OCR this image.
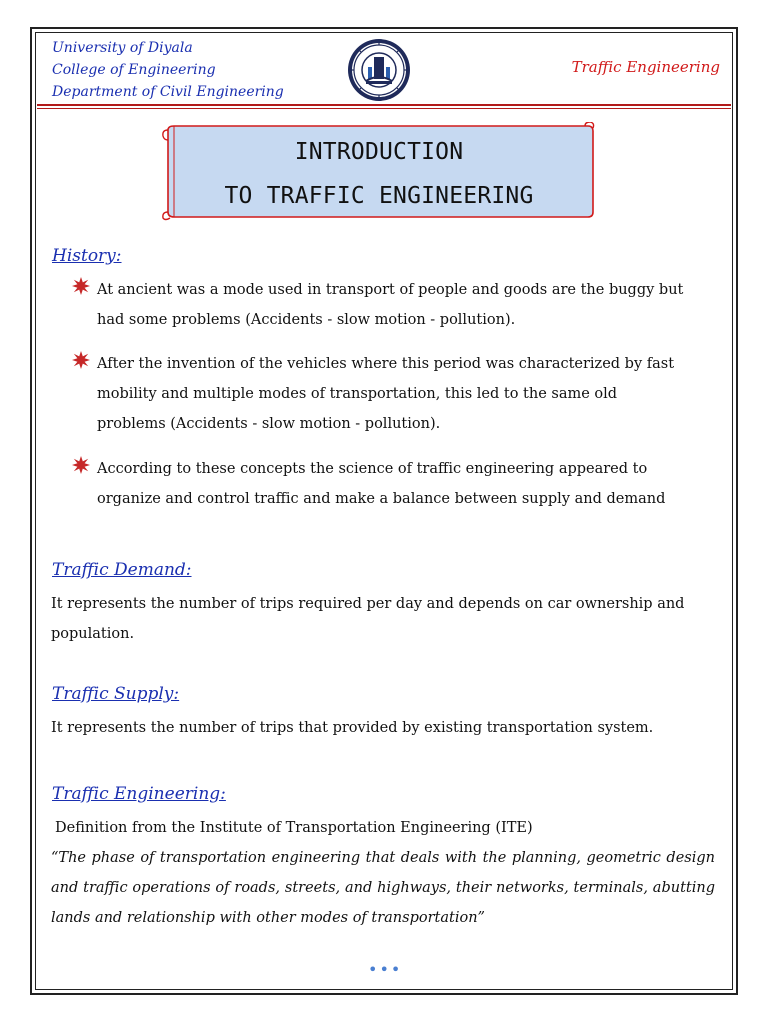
University of Diyala
College of Engineering
Department of Civil Engineering
Traffic Engineering
INTRODUCTION
TO TRAFFIC ENGINEERING
History:
At ancient was a mode used in transport of people and goods are the buggy but
had some problems (Accidents - slow motion - pollution).
After the invention of the vehicles where this period was characterized by fast
mobility and multiple modes of transportation, this led to the same old
problems (Accidents - slow motion - pollution).
According to these concepts the science of traffic engineering appeared to
organize and control traffic and make a balance between supply and demand
Traffic Demand:
It represents the number of trips required per day and depends on car ownership and
population.
Traffic Supply:
It represents the number of trips that provided by existing transportation system.
Traffic Engineering:
Definition from the Institute of Transportation Engineering (ITE)
“The phase of transportation engineering that deals with the planning, geometric design and traffic operations of roads, streets, and highways, their networks, terminals, abutting lands and relationship with other modes of transportation”
•••
